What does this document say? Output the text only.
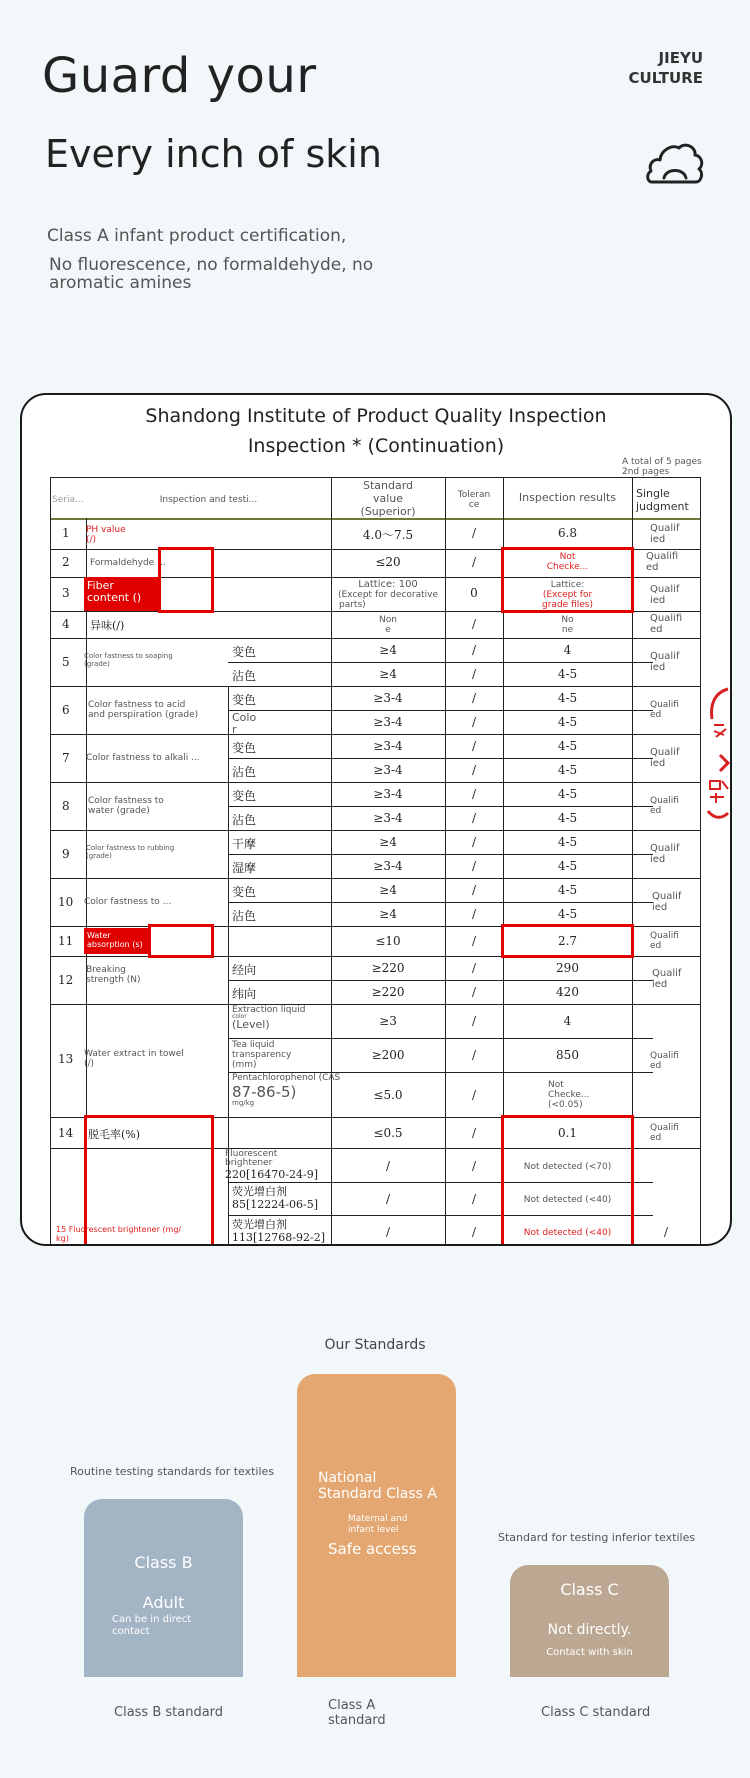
Guard your
Every inch of skin
JIEYU
CULTURE
Class A infant product certification,
No fluorescence, no formaldehyde, no
aromatic amines
Shandong Institute of Product Quality Inspection
Inspection * (Continuation)
A total of 5 pages
2nd pages
Seria...	Inspection and testi...
Standard
value
(Superior)
Toleran
ce
Inspection results	Single
judgment
1
2
3
4
5
6
7
8
9
10
11
12
13
14
PH value
(/)
Formaldehyde ...
Fiber
content ()
异味(/)
Color fastness to soaping
(grade)
Color fastness to acid
and perspiration (grade)
Color fastness to alkali ...
Color fastness to
water (grade)
Color fastness to rubbing
(grade)
Color fastness to ...
Water
absorption (s)
Breaking
strength (N)
Water extract in towel
(/)
脱毛率(%)
15 Fluorescent brightener (mg/
kg)
变色
沾色
变色
Colo
r
变色
沾色
变色
沾色
干摩
湿摩
变色
沾色
经向
纬向
Extraction liquid
color
(Level)
Tea liquid
transparency
(mm)
Pentachlorophenol (CAS
87-86-5)
mg/kg
Fluorescent
brightener
220[16470-24-9]
荧光增白剂
85[12224-06-5]
荧光增白剂
113[12768-92-2]
4.0～7.5
≤20
Lattice: 100
(Except for decorative
parts)
Non
e
≥4
≥4
≥3-4
≥3-4
≥3-4
≥3-4
≥3-4
≥3-4
≥4
≥3-4
≥4
≥4
≤10
≥220
≥220
≥3
≥200
≤5.0
≤0.5
/
/
/
/
/
0
/
/
/
/
/
/
/
/
/
/
/
/
/
/
/
/
/
/
/
/
/
/
/
6.8
Not
Checke...
Lattice:
(Except for
grade files)
No
ne
4
4-5
4-5
4-5
4-5
4-5
4-5
4-5
4-5
4-5
4-5
4-5
2.7
290
420
4
850
Not
Checke...
(<0.05)
0.1
Not detected (<70)
Not detected (<40)
Not detected (<40)
Qualif ied
Qualifi ed
Qualif ied
Qualifi ed
Qualif ied
Qualifi ed
Qualif ied
Qualifi ed
Qualif ied
Qualif ied
Qualifi ed
Qualif ied
Qualifi ed
Qualifi ed
/
Our Standards
Routine testing standards for textiles
Class B
Adult
Can be in direct
contact
Class B standard
National
Standard Class A
Maternal and
infant level
Safe access
Class A
standard
Standard for testing inferior textiles
Class C
Not directly.
Contact with skin
Class C standard
